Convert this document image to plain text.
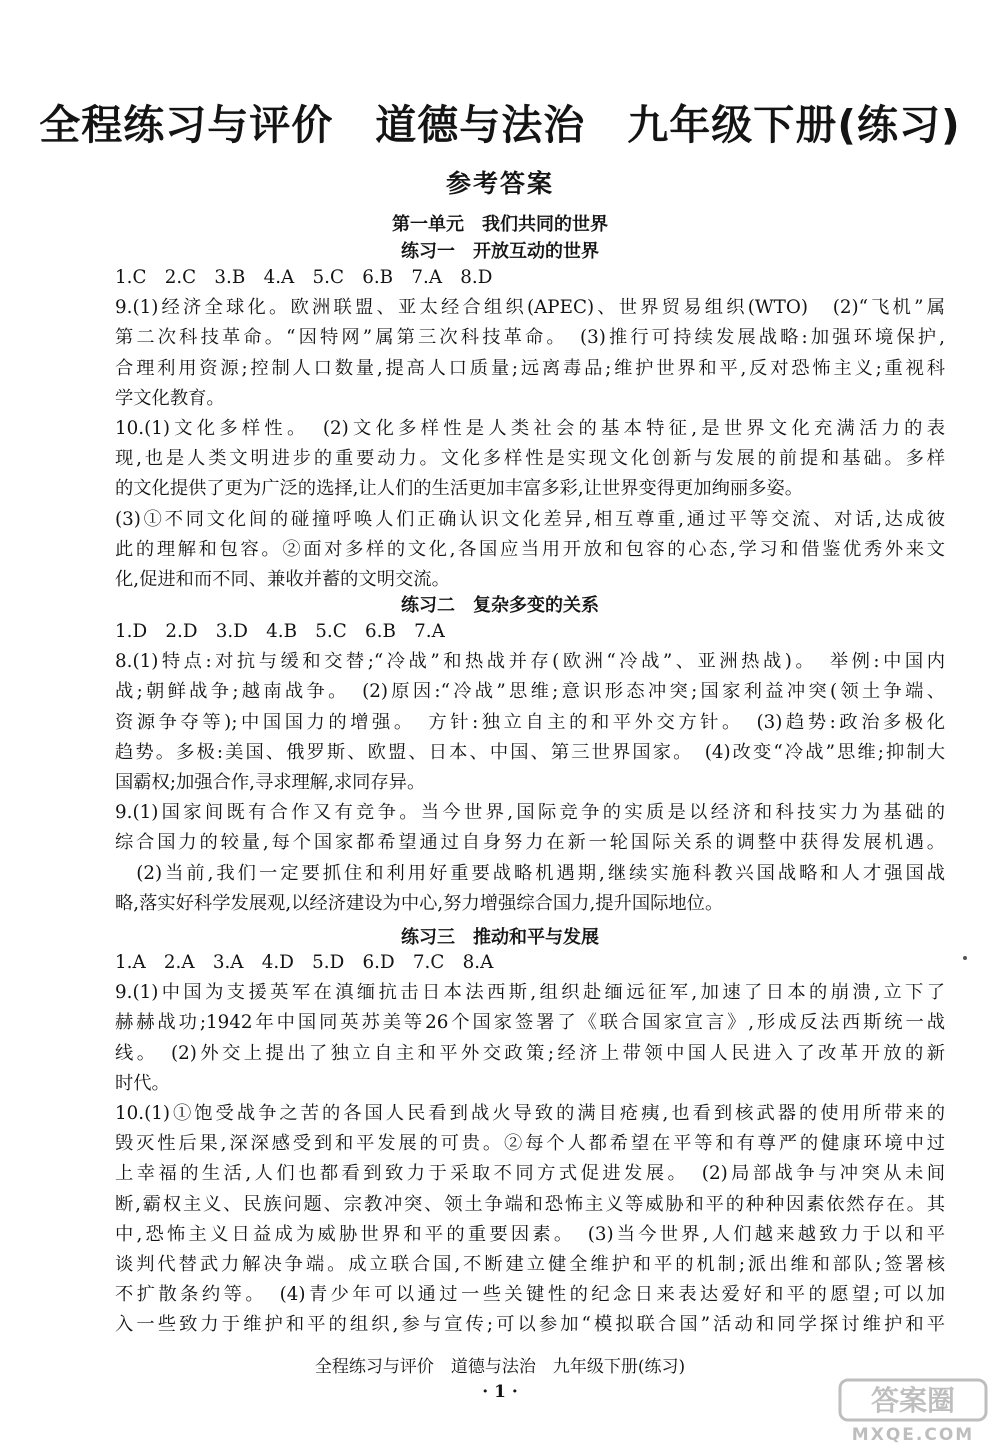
全程练习与评价　道德与法治　九年级下册(练习)
参考答案
第一单元　我们共同的世界
练习一　开放互动的世界
1.C　2.C　3.B　4.A　5.C　6.B　7.A　8.D
9.(1)经济全球化。欧洲联盟、亚太经合组织(APEC)、世界贸易组织(WTO)　(2)“飞机”属
第二次科技革命。“因特网”属第三次科技革命。　(3)推行可持续发展战略:加强环境保护,
合理利用资源;控制人口数量,提高人口质量;远离毒品;维护世界和平,反对恐怖主义;重视科
学文化教育。
10.(1)文化多样性。　(2)文化多样性是人类社会的基本特征,是世界文化充满活力的表
现,也是人类文明进步的重要动力。文化多样性是实现文化创新与发展的前提和基础。多样
的文化提供了更为广泛的选择,让人们的生活更加丰富多彩,让世界变得更加绚丽多姿。
(3)①不同文化间的碰撞呼唤人们正确认识文化差异,相互尊重,通过平等交流、对话,达成彼
此的理解和包容。②面对多样的文化,各国应当用开放和包容的心态,学习和借鉴优秀外来文
化,促进和而不同、兼收并蓄的文明交流。
练习二　复杂多变的关系
1.D　2.D　3.D　4.B　5.C　6.B　7.A
8.(1)特点:对抗与缓和交替;“冷战”和热战并存(欧洲“冷战”、亚洲热战)。　举例:中国内
战;朝鲜战争;越南战争。　(2)原因:“冷战”思维;意识形态冲突;国家利益冲突(领土争端、
资源争夺等);中国国力的增强。　方针:独立自主的和平外交方针。　(3)趋势:政治多极化
趋势。多极:美国、俄罗斯、欧盟、日本、中国、第三世界国家。　(4)改变“冷战”思维;抑制大
国霸权;加强合作,寻求理解,求同存异。
9.(1)国家间既有合作又有竞争。当今世界,国际竞争的实质是以经济和科技实力为基础的
综合国力的较量,每个国家都希望通过自身努力在新一轮国际关系的调整中获得发展机遇。
　(2)当前,我们一定要抓住和利用好重要战略机遇期,继续实施科教兴国战略和人才强国战
略,落实好科学发展观,以经济建设为中心,努力增强综合国力,提升国际地位。
练习三　推动和平与发展
1.A　2.A　3.A　4.D　5.D　6.D　7.C　8.A
9.(1)中国为支援英军在滇缅抗击日本法西斯,组织赴缅远征军,加速了日本的崩溃,立下了
赫赫战功;1942年中国同英苏美等26个国家签署了《联合国家宣言》,形成反法西斯统一战
线。　(2)外交上提出了独立自主和平外交政策;经济上带领中国人民进入了改革开放的新
时代。
10.(1)①饱受战争之苦的各国人民看到战火导致的满目疮痍,也看到核武器的使用所带来的
毁灭性后果,深深感受到和平发展的可贵。②每个人都希望在平等和有尊严的健康环境中过
上幸福的生活,人们也都看到致力于采取不同方式促进发展。　(2)局部战争与冲突从未间
断,霸权主义、民族问题、宗教冲突、领土争端和恐怖主义等威胁和平的种种因素依然存在。其
中,恐怖主义日益成为威胁世界和平的重要因素。　(3)当今世界,人们越来越致力于以和平
谈判代替武力解决争端。成立联合国,不断建立健全维护和平的机制;派出维和部队;签署核
不扩散条约等。　(4)青少年可以通过一些关键性的纪念日来表达爱好和平的愿望;可以加
入一些致力于维护和平的组织,参与宣传;可以参加“模拟联合国”活动和同学探讨维护和平
全程练习与评价　道德与法治　九年级下册(练习)
· 1 ·	答案圈
MXQE.COM
